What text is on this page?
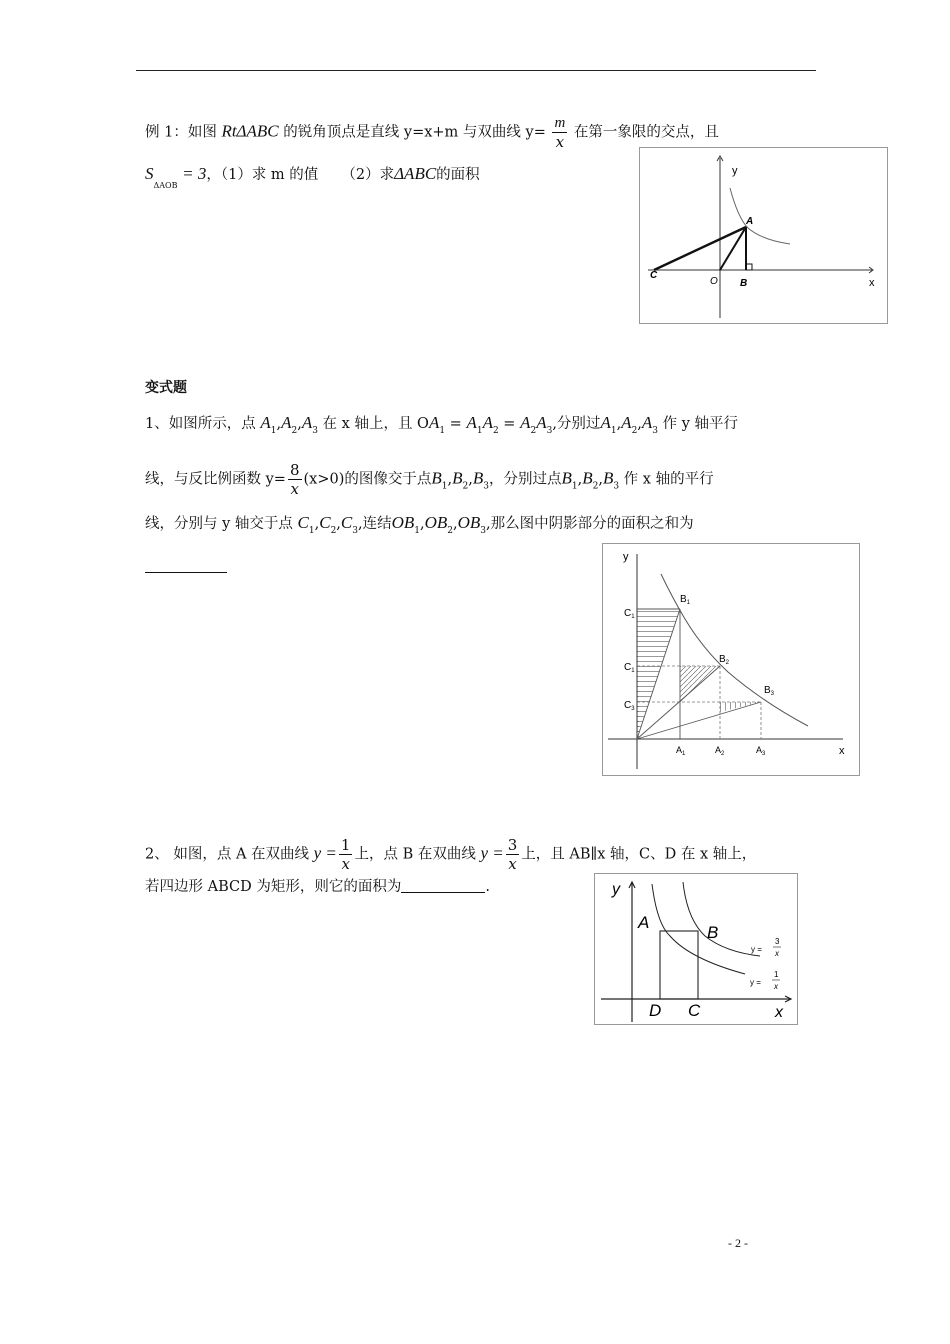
例 1：如图 RtΔABC 的锐角顶点是直线 y=x+m 与双曲线 $y= \frac{m}{x}$ 在第一象限的交点，且
$S_{\Delta AOB} = 3$，（1）求 m 的值 （2）求ΔABC的面积	y
x
A
B
C
O
变式题
1、如图所示，点 $A_1,A_2,A_3$ 在 x 轴上，且 $OA_1 = A_1A_2 = A_2A_3$,分别过$A_1,A_2,A_3$ 作 y 轴平行
线，与反比例函数 $y= \frac{8}{x} (x>0)$的图像交于点$B_1,B_2,B_3$，分别过点$B_1,B_2,B_3$ 作 x 轴的平行
线，分别与 y 轴交于点 $C_1,C_2,C_3$,连结$OB_1,OB_2,OB_3$,那么图中阴影部分的面积之和为
y
x
$B_1$
$B_2$
$B_3$
$C_1$
$C_1$
$C_3$
$A_1$	$A_2$	$A_3$
2、 如图，点 A 在双曲线 $y = \frac{1}{x}$ 上，点 B 在双曲线 $y = \frac{3}{x}$ 上，且 AB∥x 轴，C、D 在 x 轴上，
若四边形 ABCD 为矩形，则它的面积为	.	y
x
A
B
D C
y =
3
x
y =
1
x
- 2 -
